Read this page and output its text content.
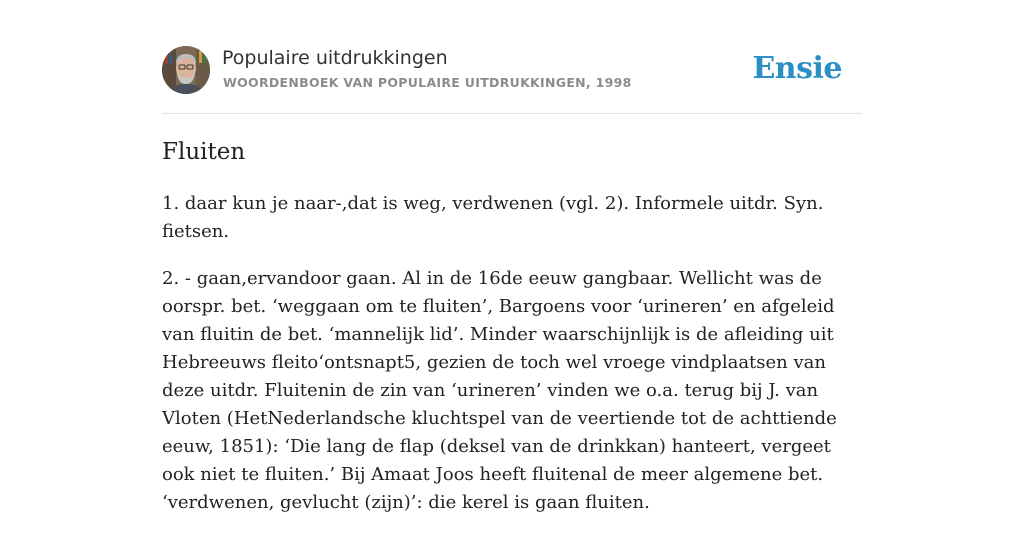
Populaire uitdrukkingen
WOORDENBOEK VAN POPULAIRE UITDRUKKINGEN, 1998	Ensie
Fluiten

1. daar kun je naar-,dat is weg, verdwenen (vgl. 2). Informele uitdr. Syn. fietsen.

2. - gaan,ervandoor gaan. Al in de 16de eeuw gangbaar. Wellicht was de oorspr. bet. ‘weggaan om te fluiten’, Bargoens voor ‘urineren’ en afgeleid van fluitin de bet. ‘mannelijk lid’. Minder waarschijnlijk is de afleiding uit Hebreeuws fleito‘ontsnapt5, gezien de toch wel vroege vindplaatsen van deze uitdr. Fluitenin de zin van ‘urineren’ vinden we o.a. terug bij J. van Vloten (HetNederlandsche kluchtspel van de veertiende tot de achttiende eeuw, 1851): ‘Die lang de flap (deksel van de drinkkan) hanteert, vergeet ook niet te fluiten.’ Bij Amaat Joos heeft fluitenal de meer algemene bet. ‘verdwenen, gevlucht (zijn)’: die kerel is gaan fluiten.
